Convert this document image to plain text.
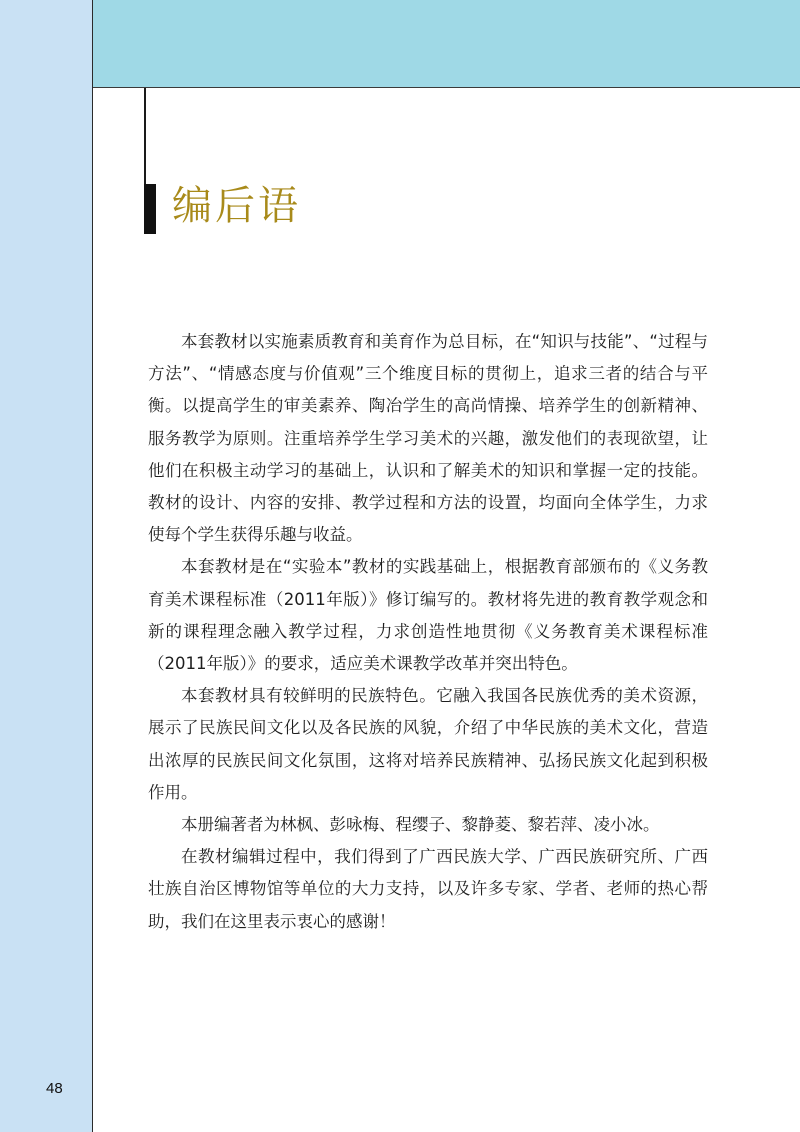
编后语

本套教材以实施素质教育和美育作为总目标，在“知识与技能”、“过程与方法”、“情感态度与价值观”三个维度目标的贯彻上，追求三者的结合与平衡。以提高学生的审美素养、陶冶学生的高尚情操、培养学生的创新精神、服务教学为原则。注重培养学生学习美术的兴趣，激发他们的表现欲望，让他们在积极主动学习的基础上，认识和了解美术的知识和掌握一定的技能。教材的设计、内容的安排、教学过程和方法的设置，均面向全体学生，力求使每个学生获得乐趣与收益。

本套教材是在“实验本”教材的实践基础上，根据教育部颁布的《义务教育美术课程标准（2011年版）》修订编写的。教材将先进的教育教学观念和新的课程理念融入教学过程，力求创造性地贯彻《义务教育美术课程标准（2011年版）》的要求，适应美术课教学改革并突出特色。

本套教材具有较鲜明的民族特色。它融入我国各民族优秀的美术资源，展示了民族民间文化以及各民族的风貌，介绍了中华民族的美术文化，营造出浓厚的民族民间文化氛围，这将对培养民族精神、弘扬民族文化起到积极作用。

本册编著者为林枫、彭咏梅、程缨子、黎静菱、黎若萍、凌小冰。

在教材编辑过程中，我们得到了广西民族大学、广西民族研究所、广西壮族自治区博物馆等单位的大力支持，以及许多专家、学者、老师的热心帮助，我们在这里表示衷心的感谢！

48
